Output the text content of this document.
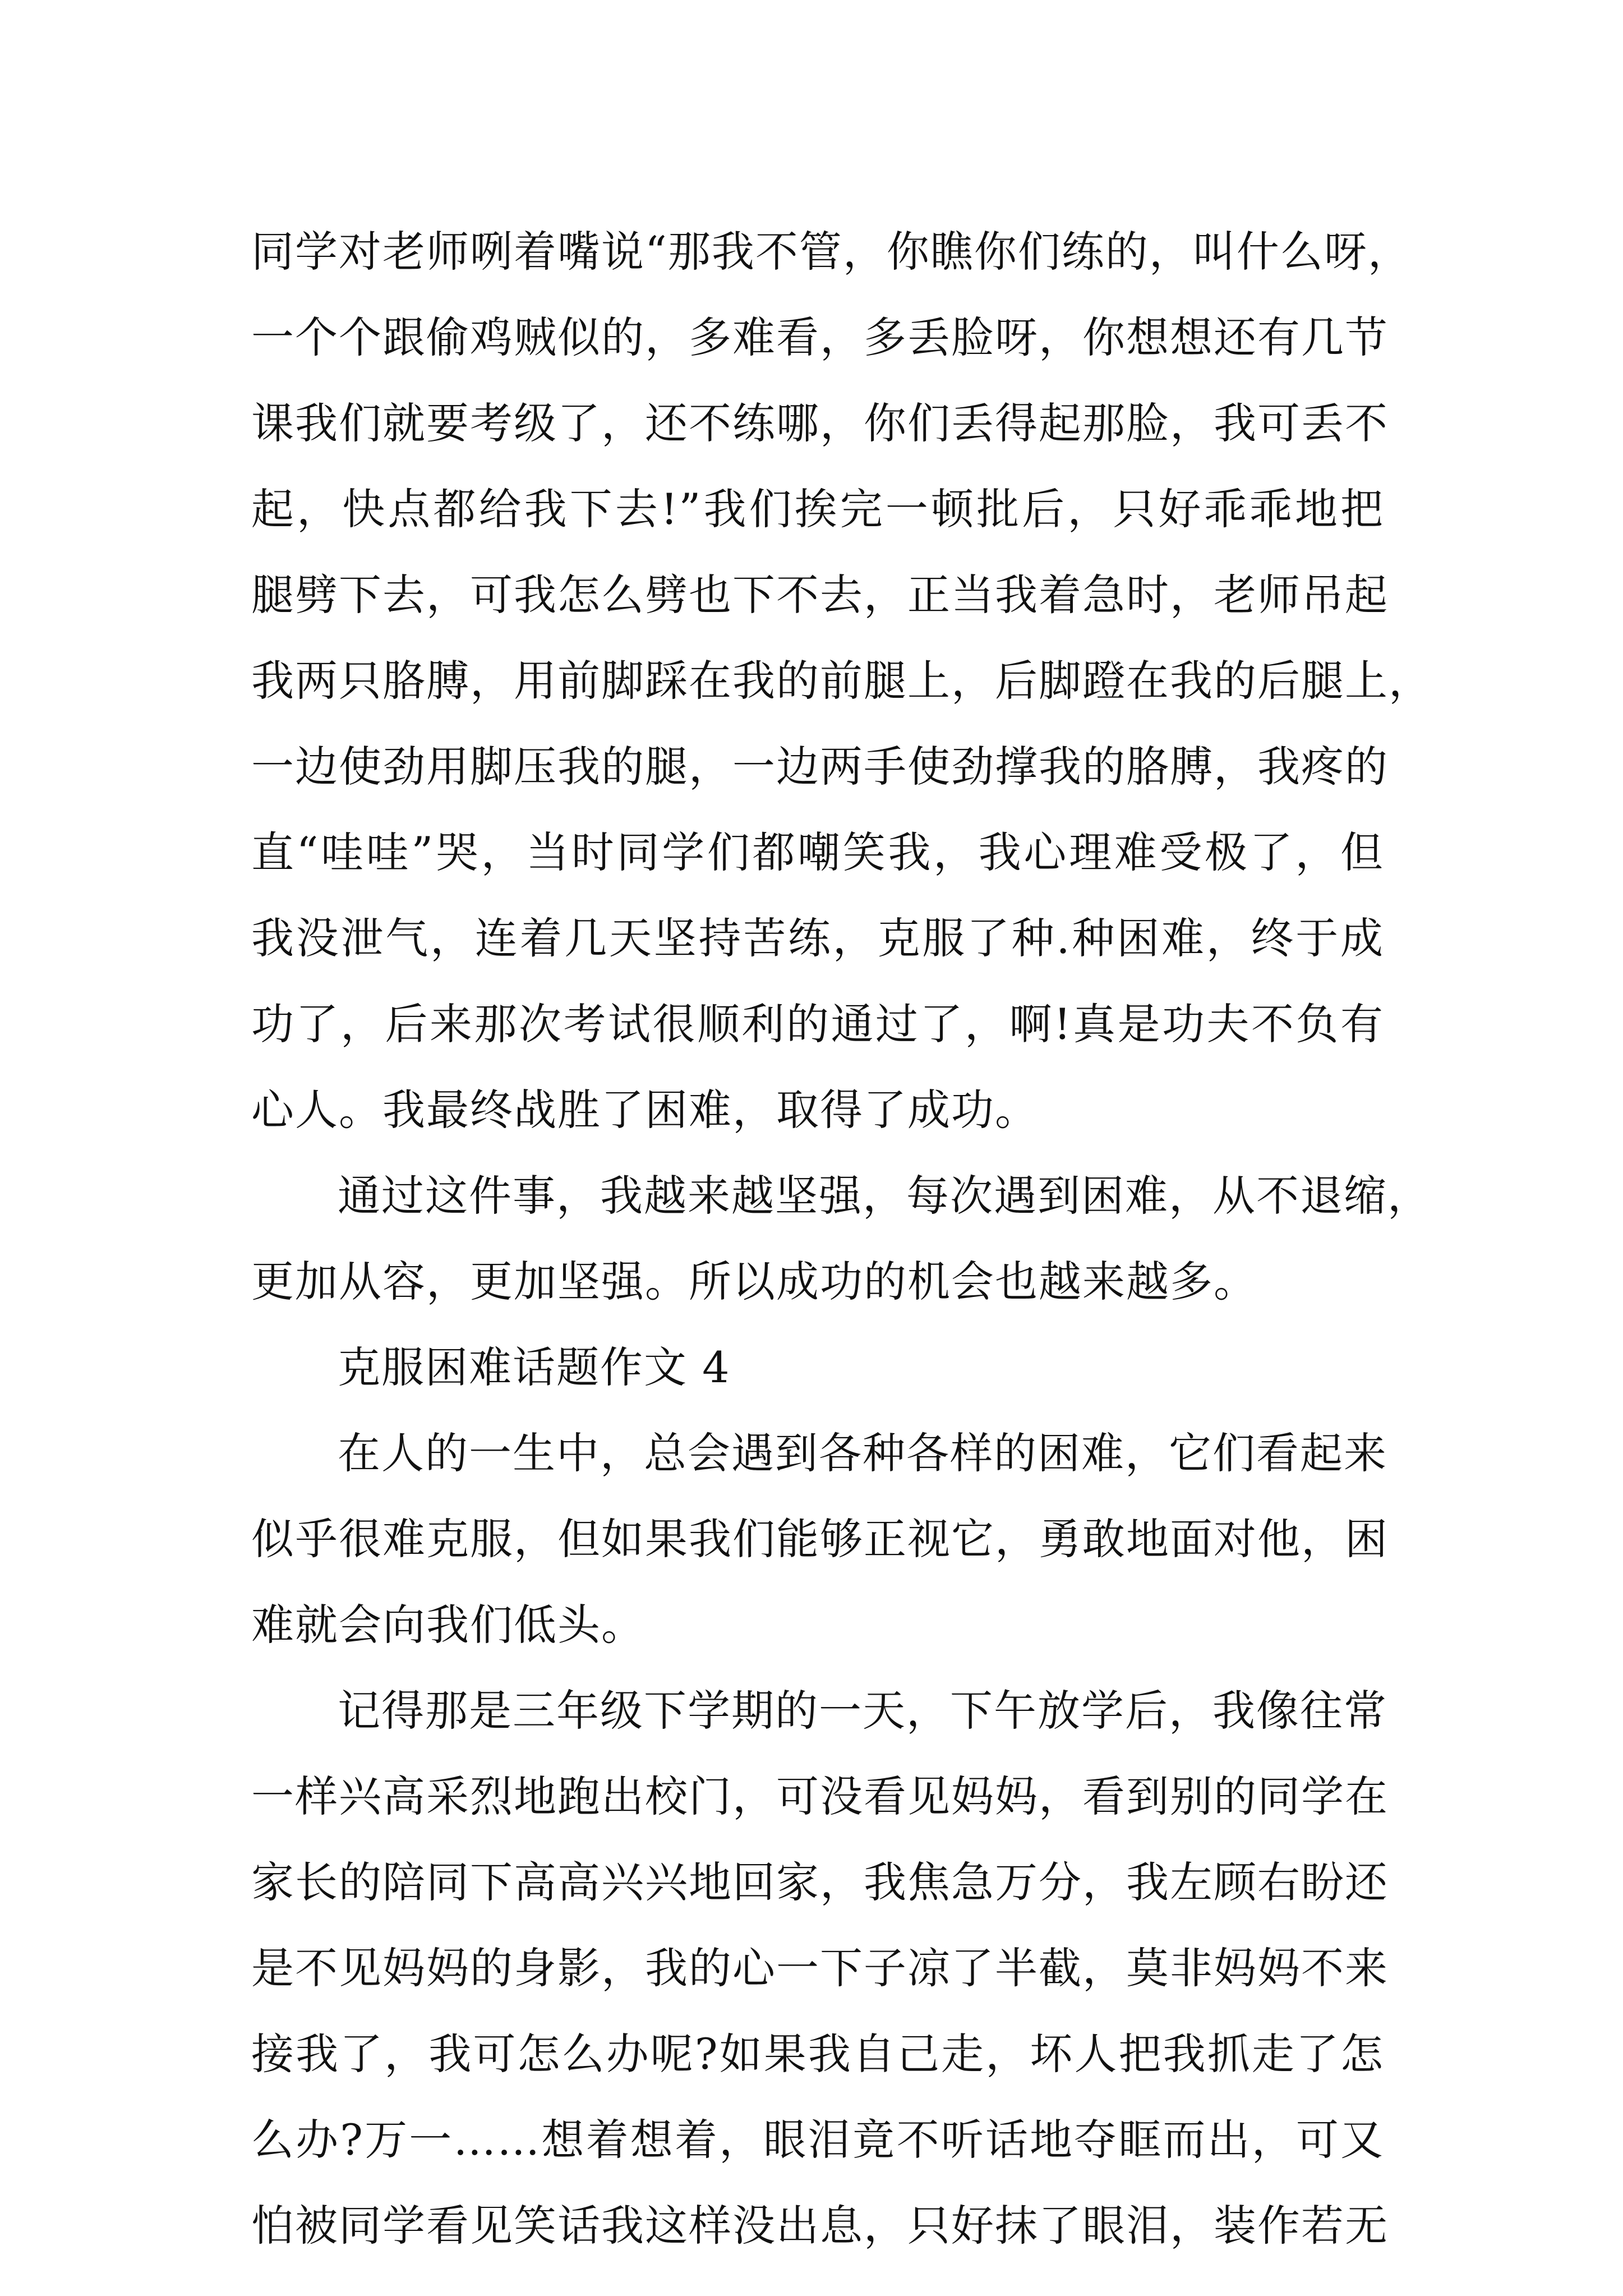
同学对老师咧着嘴说“那我不管，你瞧你们练的，叫什么呀，
一个个跟偷鸡贼似的，多难看，多丢脸呀，你想想还有几节
课我们就要考级了，还不练哪，你们丢得起那脸，我可丢不
起，快点都给我下去!”我们挨完一顿批后，只好乖乖地把
腿劈下去，可我怎么劈也下不去，正当我着急时，老师吊起
我两只胳膊，用前脚踩在我的前腿上，后脚蹬在我的后腿上，
一边使劲用脚压我的腿，一边两手使劲撑我的胳膊，我疼的
直“哇哇”哭，当时同学们都嘲笑我，我心理难受极了，但
我没泄气，连着几天坚持苦练，克服了种.种困难，终于成
功了，后来那次考试很顺利的通过了，啊!真是功夫不负有
心人。我最终战胜了困难，取得了成功。
通过这件事，我越来越坚强，每次遇到困难，从不退缩，
更加从容，更加坚强。所以成功的机会也越来越多。
克服困难话题作文 4
在人的一生中，总会遇到各种各样的困难，它们看起来
似乎很难克服，但如果我们能够正视它，勇敢地面对他，困
难就会向我们低头。
记得那是三年级下学期的一天，下午放学后，我像往常
一样兴高采烈地跑出校门，可没看见妈妈，看到别的同学在
家长的陪同下高高兴兴地回家，我焦急万分，我左顾右盼还
是不见妈妈的身影，我的心一下子凉了半截，莫非妈妈不来
接我了，我可怎么办呢?如果我自己走，坏人把我抓走了怎
么办?万一……想着想着，眼泪竟不听话地夺眶而出，可又
怕被同学看见笑话我这样没出息，只好抹了眼泪，装作若无
